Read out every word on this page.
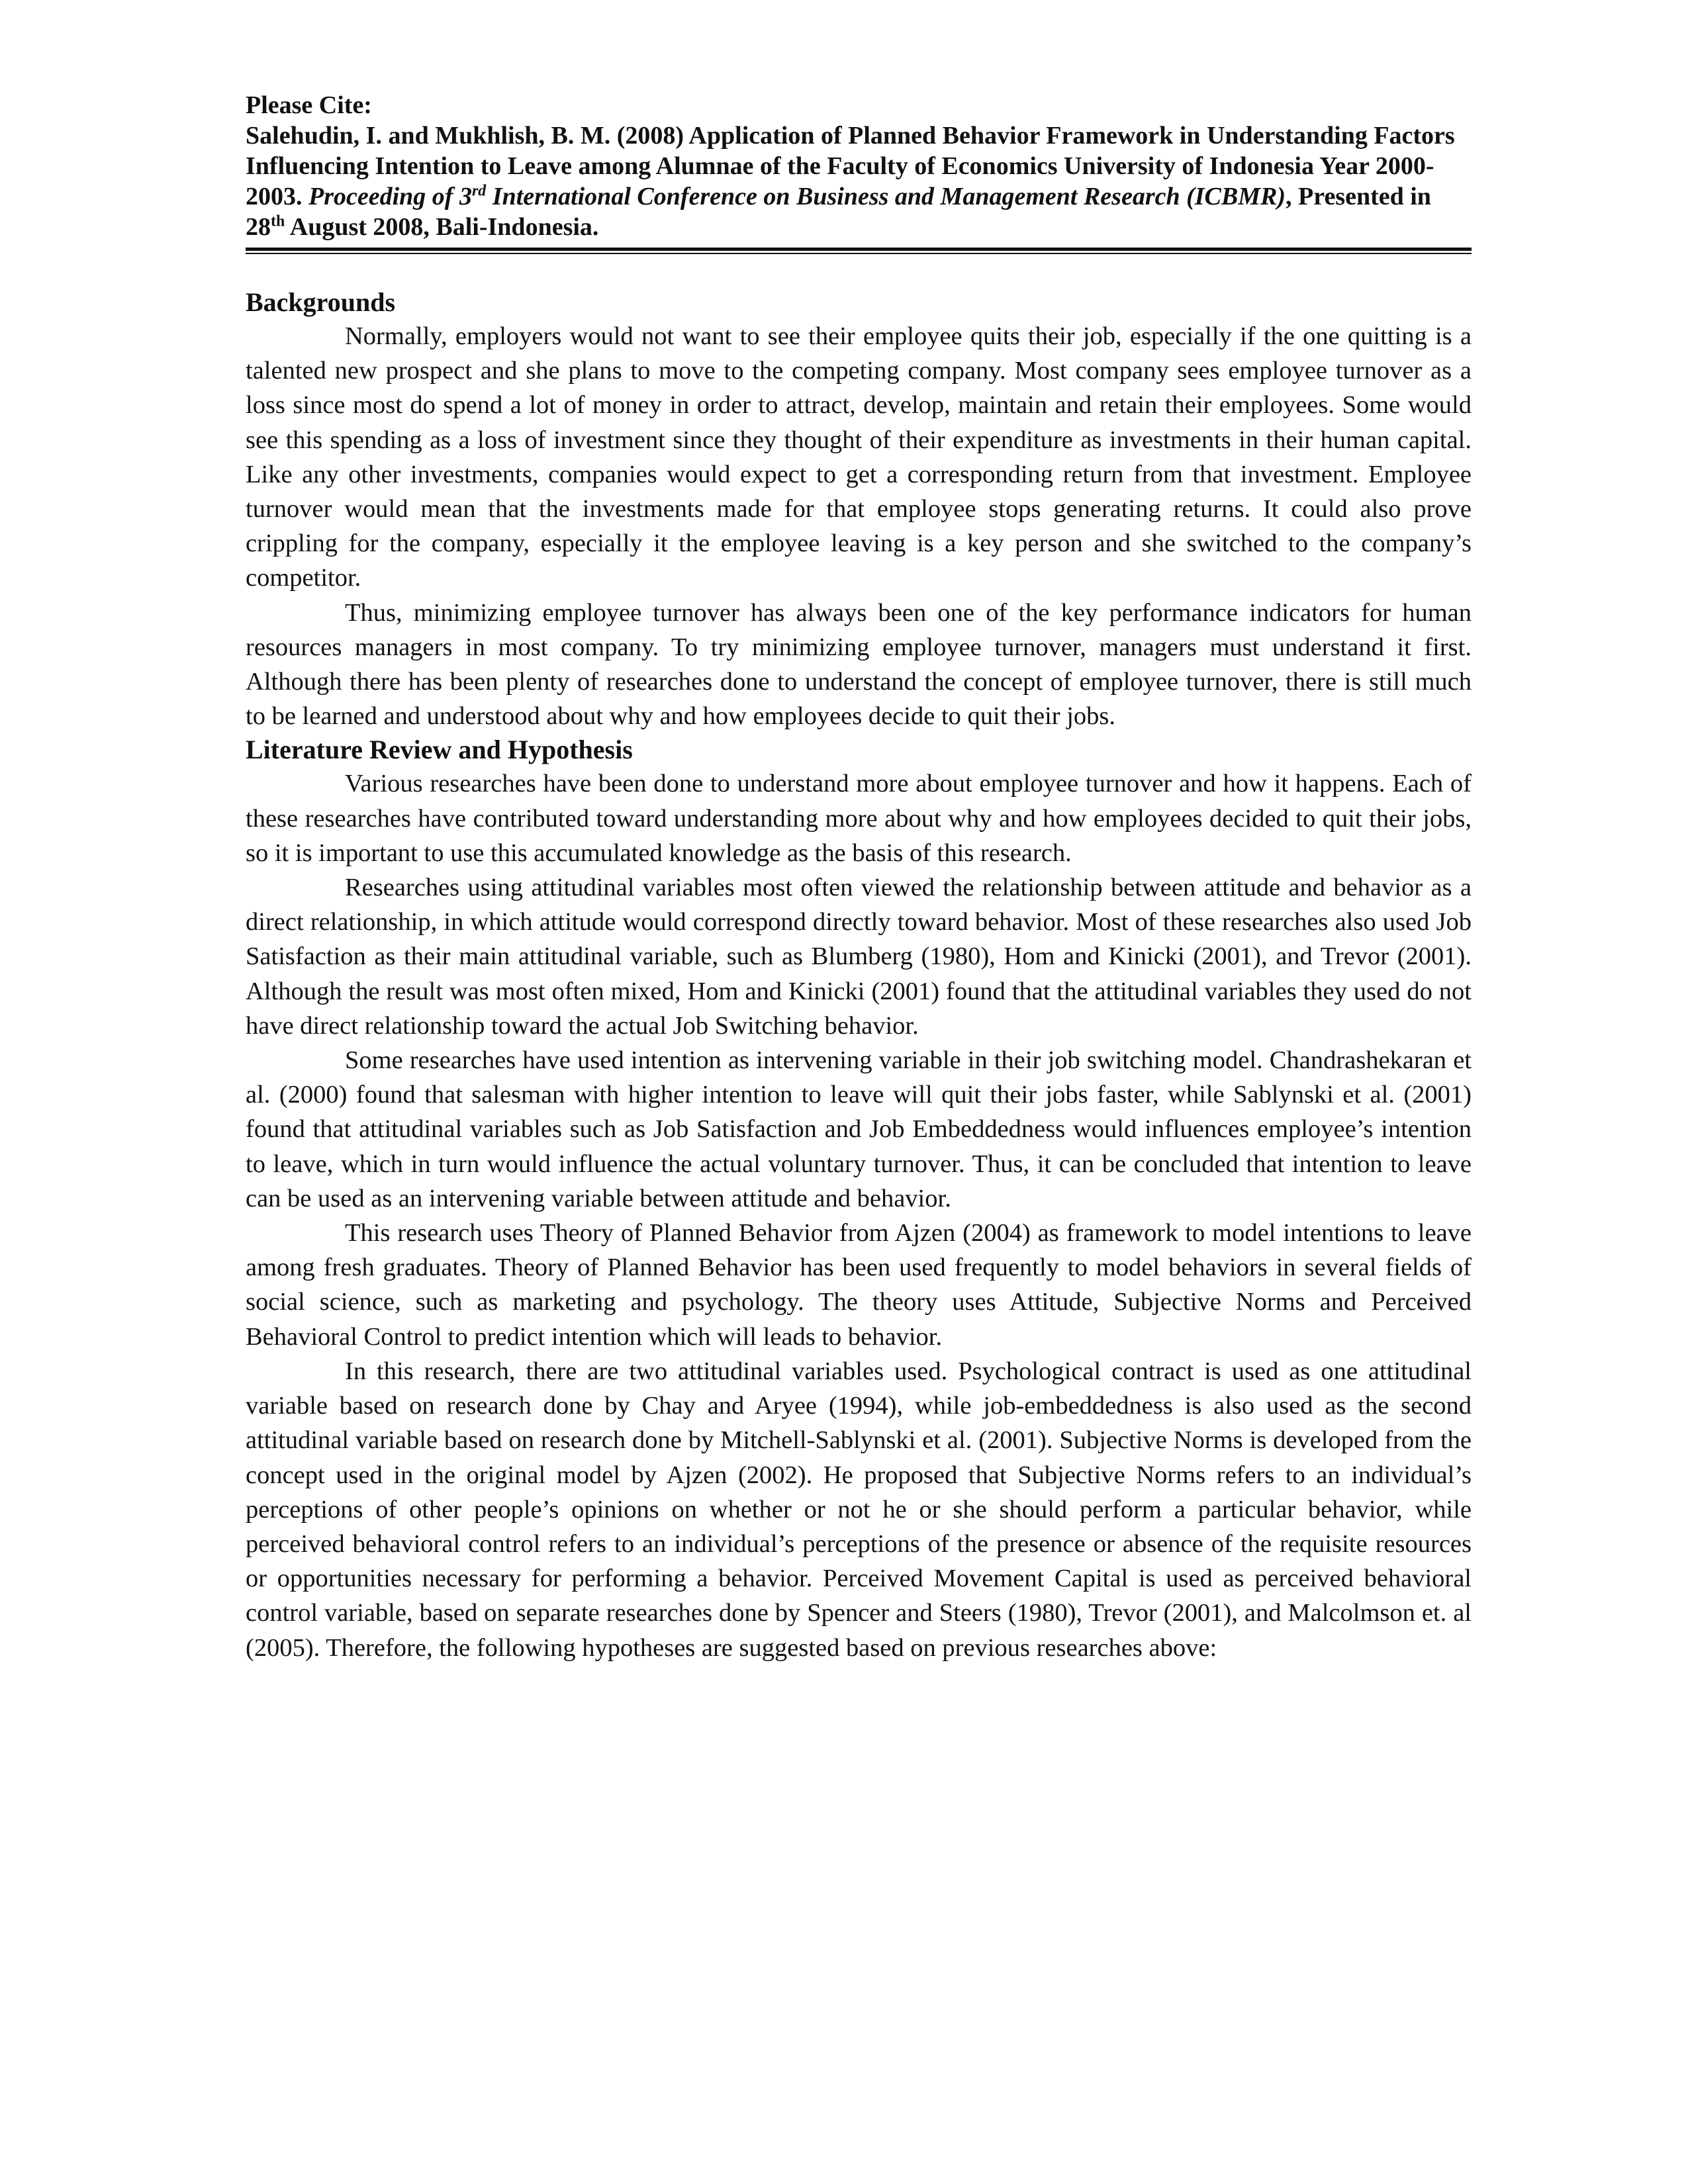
Please Cite:
Salehudin, I. and Mukhlish, B. M. (2008) Application of Planned Behavior Framework in Understanding Factors Influencing Intention to Leave among Alumnae of the Faculty of Economics University of Indonesia Year 2000-2003. Proceeding of 3rd International Conference on Business and Management Research (ICBMR), Presented in 28th August 2008, Bali-Indonesia.
Backgrounds

Normally, employers would not want to see their employee quits their job, especially if the one quitting is a talented new prospect and she plans to move to the competing company. Most company sees employee turnover as a loss since most do spend a lot of money in order to attract, develop, maintain and retain their employees. Some would see this spending as a loss of investment since they thought of their expenditure as investments in their human capital. Like any other investments, companies would expect to get a corresponding return from that investment. Employee turnover would mean that the investments made for that employee stops generating returns. It could also prove crippling for the company, especially it the employee leaving is a key person and she switched to the company’s competitor.

Thus, minimizing employee turnover has always been one of the key performance indicators for human resources managers in most company. To try minimizing employee turnover, managers must understand it first. Although there has been plenty of researches done to understand the concept of employee turnover, there is still much to be learned and understood about why and how employees decide to quit their jobs.

Literature Review and Hypothesis

Various researches have been done to understand more about employee turnover and how it happens. Each of these researches have contributed toward understanding more about why and how employees decided to quit their jobs, so it is important to use this accumulated knowledge as the basis of this research.

Researches using attitudinal variables most often viewed the relationship between attitude and behavior as a direct relationship, in which attitude would correspond directly toward behavior. Most of these researches also used Job Satisfaction as their main attitudinal variable, such as Blumberg (1980), Hom and Kinicki (2001), and Trevor (2001). Although the result was most often mixed, Hom and Kinicki (2001) found that the attitudinal variables they used do not have direct relationship toward the actual Job Switching behavior.

Some researches have used intention as intervening variable in their job switching model. Chandrashekaran et al. (2000) found that salesman with higher intention to leave will quit their jobs faster, while Sablynski et al. (2001) found that attitudinal variables such as Job Satisfaction and Job Embeddedness would influences employee’s intention to leave, which in turn would influence the actual voluntary turnover. Thus, it can be concluded that intention to leave can be used as an intervening variable between attitude and behavior.

This research uses Theory of Planned Behavior from Ajzen (2004) as framework to model intentions to leave among fresh graduates. Theory of Planned Behavior has been used frequently to model behaviors in several fields of social science, such as marketing and psychology. The theory uses Attitude, Subjective Norms and Perceived Behavioral Control to predict intention which will leads to behavior.

In this research, there are two attitudinal variables used. Psychological contract is used as one attitudinal variable based on research done by Chay and Aryee (1994), while job-embeddedness is also used as the second attitudinal variable based on research done by Mitchell-Sablynski et al. (2001). Subjective Norms is developed from the concept used in the original model by Ajzen (2002). He proposed that Subjective Norms refers to an individual’s perceptions of other people’s opinions on whether or not he or she should perform a particular behavior, while perceived behavioral control refers to an individual’s perceptions of the presence or absence of the requisite resources or opportunities necessary for performing a behavior. Perceived Movement Capital is used as perceived behavioral control variable, based on separate researches done by Spencer and Steers (1980), Trevor (2001), and Malcolmson et. al (2005). Therefore, the following hypotheses are suggested based on previous researches above:
